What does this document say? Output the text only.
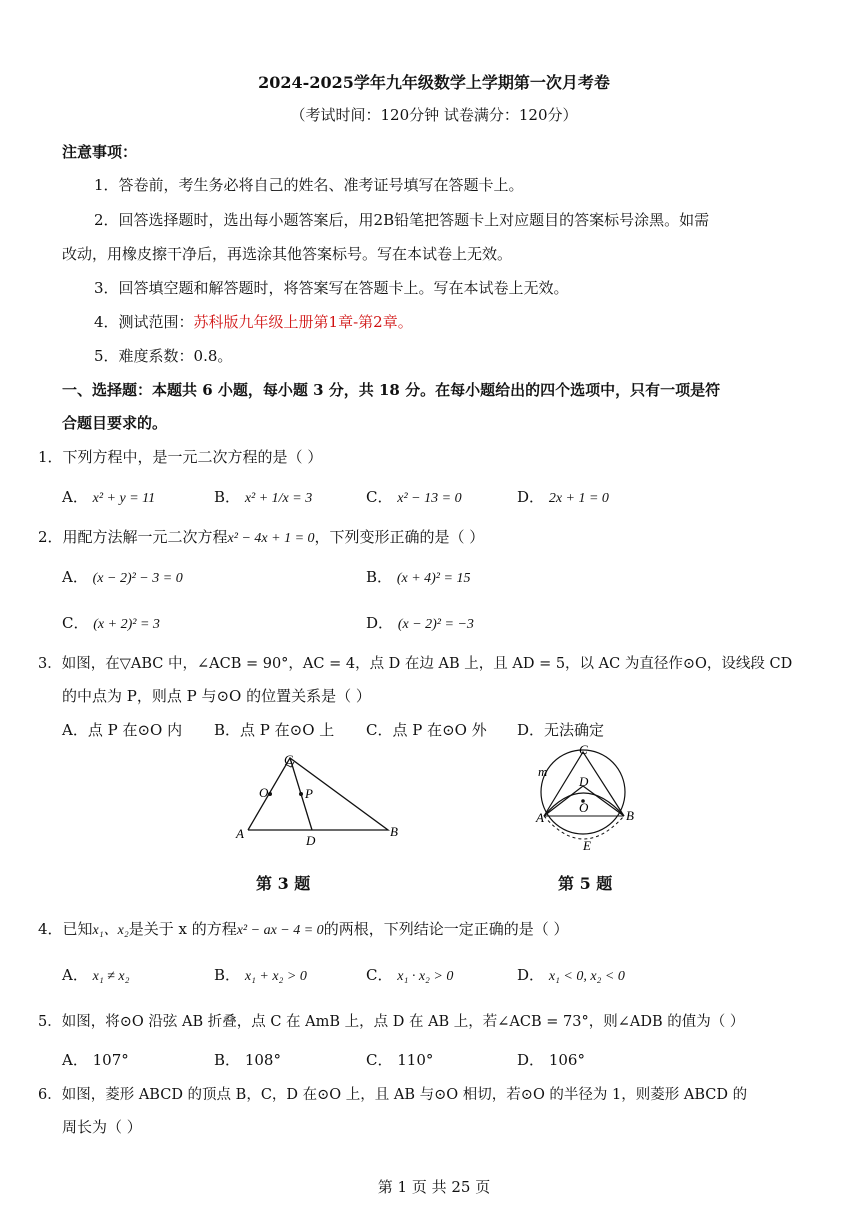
2024-2025学年九年级数学上学期第一次月考卷
（考试时间：120分钟 试卷满分：120分）
注意事项：
1．答卷前，考生务必将自己的姓名、准考证号填写在答题卡上。
2．回答选择题时，选出每小题答案后，用2B铅笔把答题卡上对应题目的答案标号涂黑。如需
改动，用橡皮擦干净后，再选涂其他答案标号。写在本试卷上无效。
3．回答填空题和解答题时，将答案写在答题卡上。写在本试卷上无效。
4．测试范围：苏科版九年级上册第1章-第2章。
5．难度系数：0.8。
一、选择题：本题共 6 小题，每小题 3 分，共 18 分。在每小题给出的四个选项中，只有一项是符
合题目要求的。
1．下列方程中，是一元二次方程的是（ ）
A． x² + y = 11	B． x² + 1/x = 3	C． x² − 13 = 0	D． 2x + 1 = 0
2．用配方法解一元二次方程x² − 4x + 1 = 0，下列变形正确的是（ ）
A． (x − 2)² − 3 = 0	B． (x + 4)² = 15
C． (x + 2)² = 3	D． (x − 2)² = −3
3．如图，在▽ABC 中，∠ACB = 90°，AC = 4，点 D 在边 AB 上，且 AD = 5，以 AC 为直径作⊙O，设线段 CD
的中点为 P，则点 P 与⊙O 的位置关系是（ ）
A．点 P 在⊙O 内 B．点 P 在⊙O 上 C．点 P 在⊙O 外 D．无法确定
C
O	P
A	D
B
第 3 题
C
m
D
O
A	B
E
第 5 题
4．已知x₁、x₂是关于 x 的方程x² − ax − 4 = 0的两根，下列结论一定正确的是（ ）
A． x₁ ≠ x₂	B． x₁ + x₂ > 0	C． x₁ · x₂ > 0	D． x₁ < 0, x₂ < 0
5．如图，将⊙O 沿弦 AB 折叠，点 C 在 AmB 上，点 D 在 AB 上，若∠ACB = 73°，则∠ADB 的值为（ ）
A． 107°	B． 108°	C． 110°	D． 106°
6．如图，菱形 ABCD 的顶点 B，C，D 在⊙O 上，且 AB 与⊙O 相切，若⊙O 的半径为 1，则菱形 ABCD 的
周长为（ ）
第 1 页 共 25 页
